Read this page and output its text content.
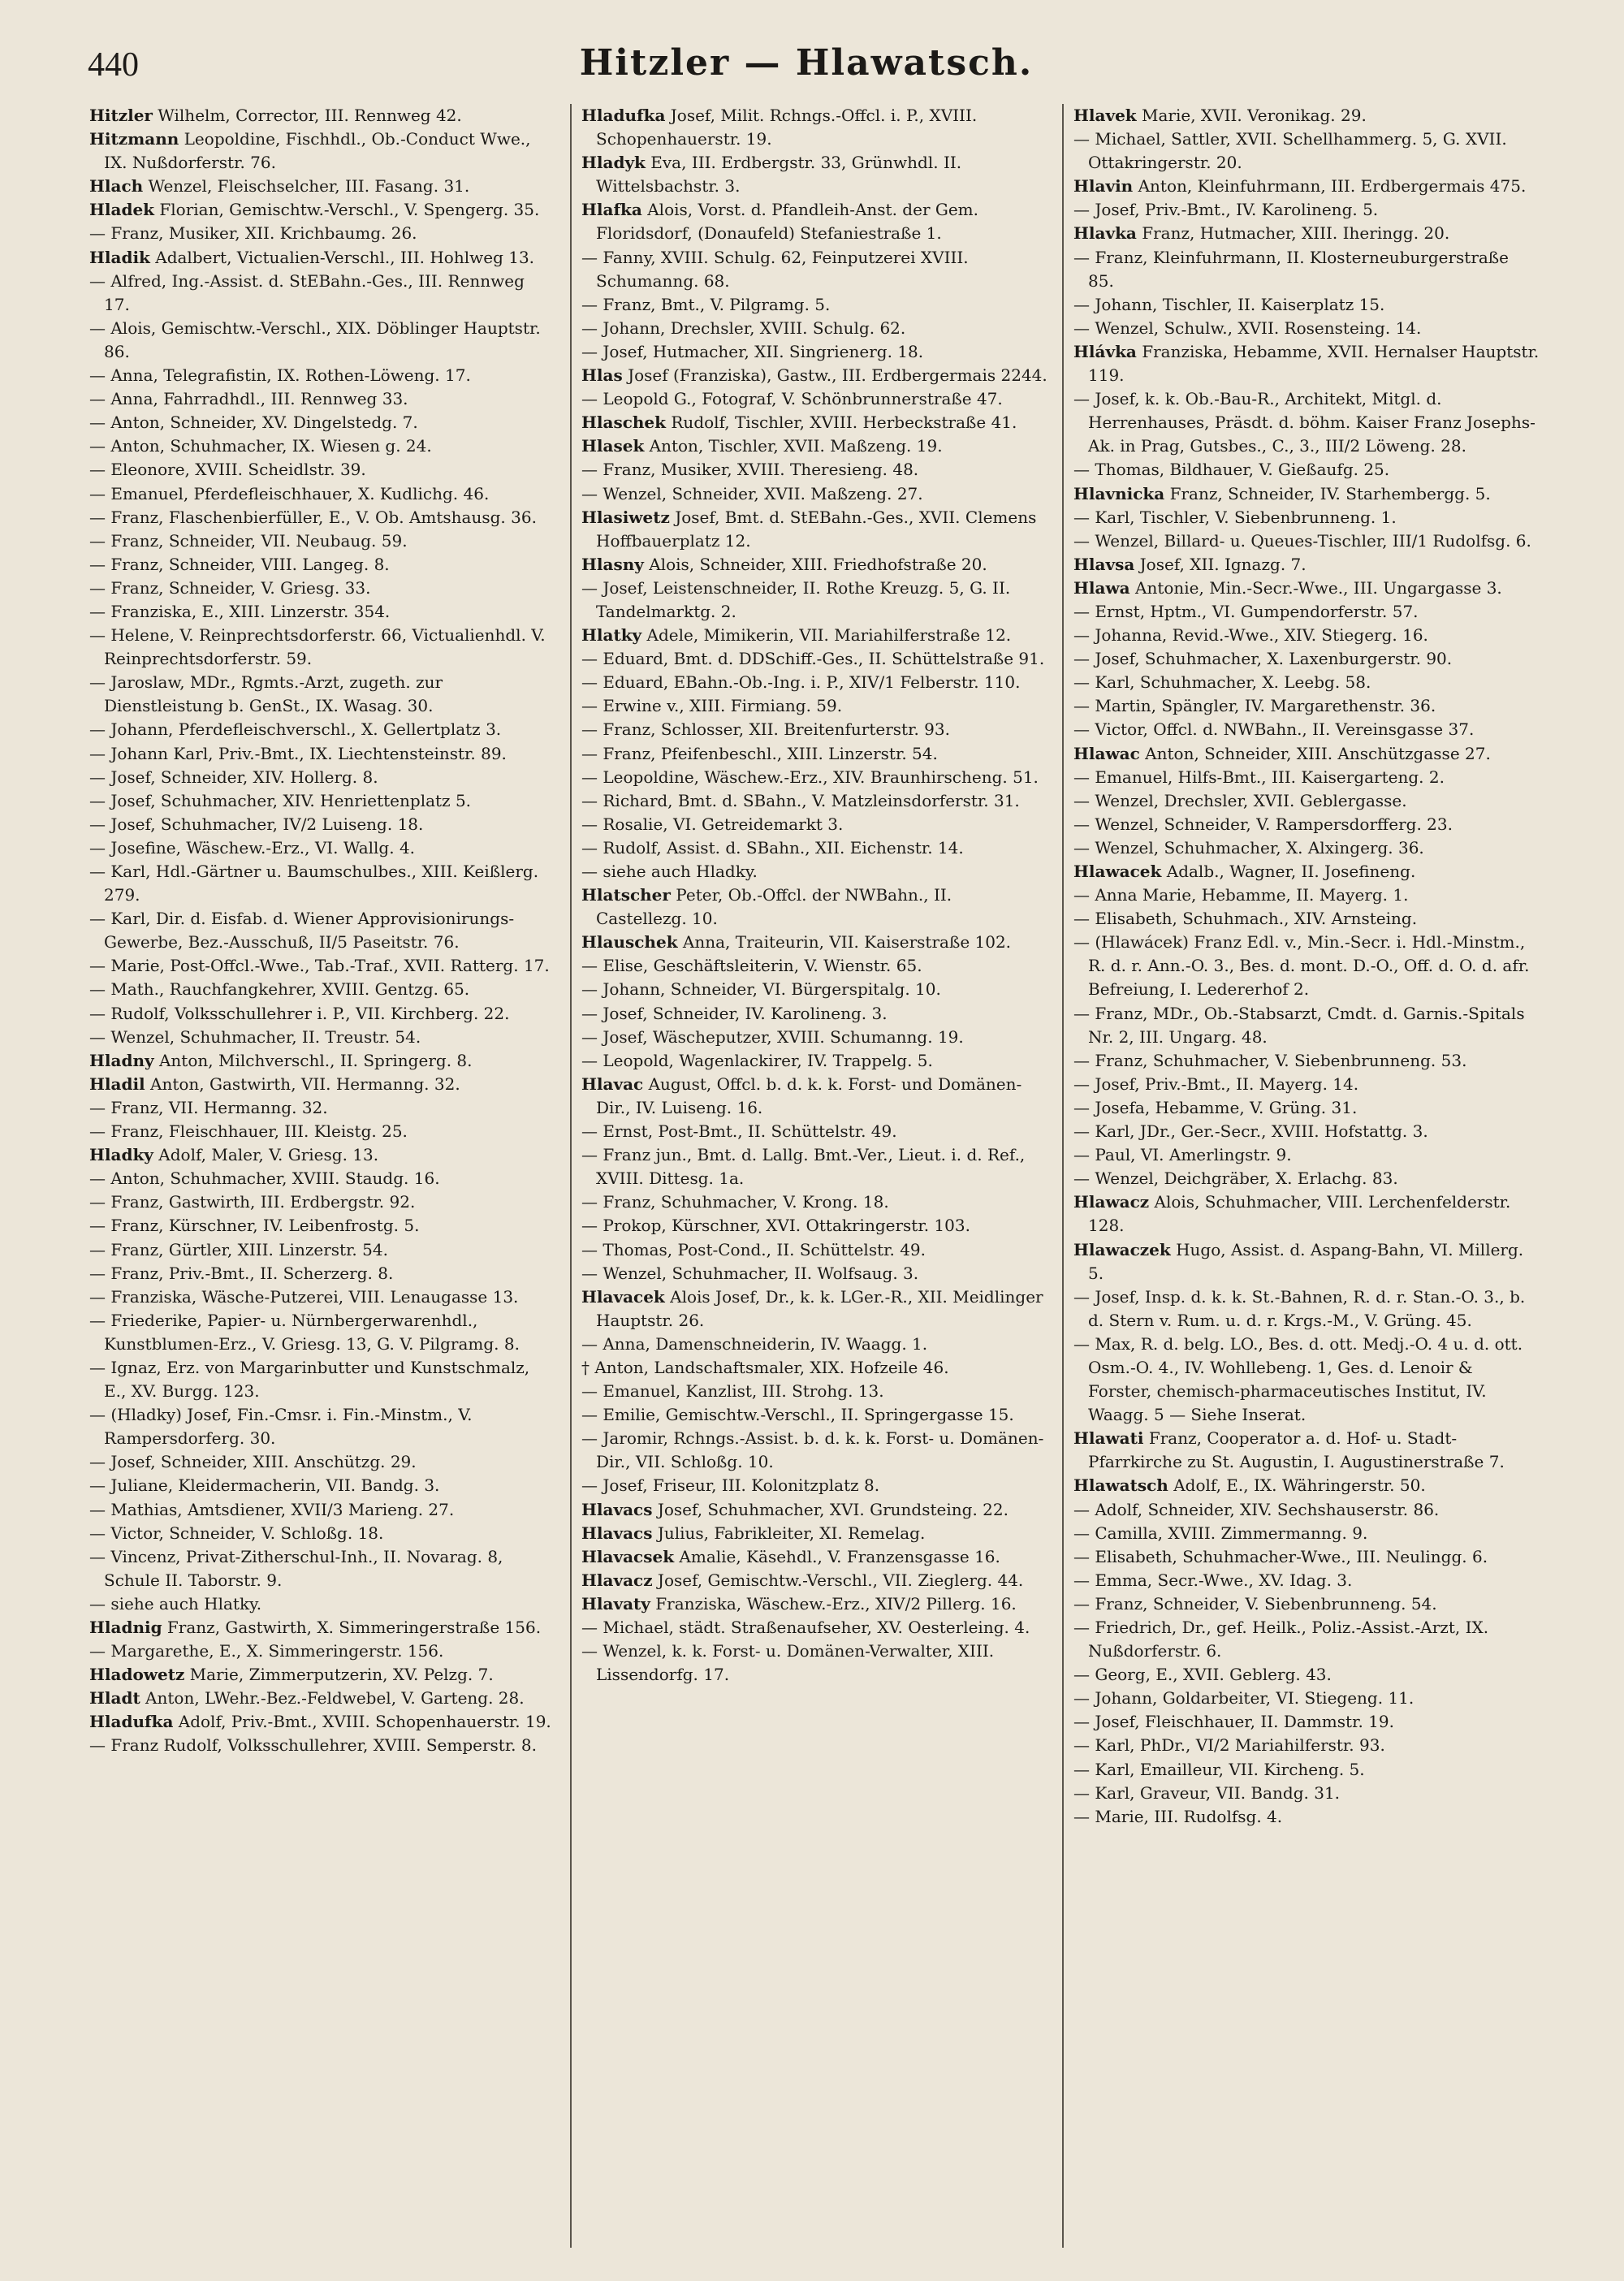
440	Hitzler — Hlawatsch.
Hitzler Wilhelm, Corrector, III. Rennweg 42.
Hitzmann Leopoldine, Fischhdl., Ob.-Conduct Wwe., IX. Nußdorferstr. 76.
Hlach Wenzel, Fleischselcher, III. Fasang. 31.
Hladek Florian, Gemischtw.-Verschl., V. Spengerg. 35.
— Franz, Musiker, XII. Krichbaumg. 26.
Hladik Adalbert, Victualien-Verschl., III. Hohlweg 13.
— Alfred, Ing.-Assist. d. StEBahn.-Ges., III. Rennweg 17.
— Alois, Gemischtw.-Verschl., XIX. Döblinger Hauptstr. 86.
— Anna, Telegrafistin, IX. Rothen-Löweng. 17.
— Anna, Fahrradhdl., III. Rennweg 33.
— Anton, Schneider, XV. Dingelstedg. 7.
— Anton, Schuhmacher, IX. Wiesen g. 24.
— Eleonore, XVIII. Scheidlstr. 39.
— Emanuel, Pferdefleischhauer, X. Kudlichg. 46.
— Franz, Flaschenbierfüller, E., V. Ob. Amtshausg. 36.
— Franz, Schneider, VII. Neubaug. 59.
— Franz, Schneider, VIII. Langeg. 8.
— Franz, Schneider, V. Griesg. 33.
— Franziska, E., XIII. Linzerstr. 354.
— Helene, V. Reinprechtsdorferstr. 66, Victualienhdl. V. Reinprechtsdorferstr. 59.
— Jaroslaw, MDr., Rgmts.-Arzt, zugeth. zur Dienstleistung b. GenSt., IX. Wasag. 30.
— Johann, Pferdefleischverschl., X. Gellertplatz 3.
— Johann Karl, Priv.-Bmt., IX. Liechtensteinstr. 89.
— Josef, Schneider, XIV. Hollerg. 8.
— Josef, Schuhmacher, XIV. Henriettenplatz 5.
— Josef, Schuhmacher, IV/2 Luiseng. 18.
— Josefine, Wäschew.-Erz., VI. Wallg. 4.
— Karl, Hdl.-Gärtner u. Baumschulbes., XIII. Keißlerg. 279.
— Karl, Dir. d. Eisfab. d. Wiener Approvisionirungs-Gewerbe, Bez.-Ausschuß, II/5 Paseitstr. 76.
— Marie, Post-Offcl.-Wwe., Tab.-Traf., XVII. Ratterg. 17.
— Math., Rauchfangkehrer, XVIII. Gentzg. 65.
— Rudolf, Volksschullehrer i. P., VII. Kirchberg. 22.
— Wenzel, Schuhmacher, II. Treustr. 54.
Hladny Anton, Milchverschl., II. Springerg. 8.
Hladil Anton, Gastwirth, VII. Hermanng. 32.
— Franz, VII. Hermanng. 32.
— Franz, Fleischhauer, III. Kleistg. 25.
Hladky Adolf, Maler, V. Griesg. 13.
— Anton, Schuhmacher, XVIII. Staudg. 16.
— Franz, Gastwirth, III. Erdbergstr. 92.
— Franz, Kürschner, IV. Leibenfrostg. 5.
— Franz, Gürtler, XIII. Linzerstr. 54.
— Franz, Priv.-Bmt., II. Scherzerg. 8.
— Franziska, Wäsche-Putzerei, VIII. Lenaugasse 13.
— Friederike, Papier- u. Nürnbergerwarenhdl., Kunstblumen-Erz., V. Griesg. 13, G. V. Pilgramg. 8.
— Ignaz, Erz. von Margarinbutter und Kunstschmalz, E., XV. Burgg. 123.
— (Hladky) Josef, Fin.-Cmsr. i. Fin.-Minstm., V. Rampersdorferg. 30.
— Josef, Schneider, XIII. Anschützg. 29.
— Juliane, Kleidermacherin, VII. Bandg. 3.
— Mathias, Amtsdiener, XVII/3 Marieng. 27.
— Victor, Schneider, V. Schloßg. 18.
— Vincenz, Privat-Zitherschul-Inh., II. Novarag. 8, Schule II. Taborstr. 9.
— siehe auch Hlatky.
Hladnig Franz, Gastwirth, X. Simmeringerstraße 156.
— Margarethe, E., X. Simmeringerstr. 156.
Hladowetz Marie, Zimmerputzerin, XV. Pelzg. 7.
Hladt Anton, LWehr.-Bez.-Feldwebel, V. Garteng. 28.
Hladufka Adolf, Priv.-Bmt., XVIII. Schopenhauerstr. 19.
— Franz Rudolf, Volksschullehrer, XVIII. Semperstr. 8.
Hladufka Josef, Milit. Rchngs.-Offcl. i. P., XVIII. Schopenhauerstr. 19.
Hladyk Eva, III. Erdbergstr. 33, Grünwhdl. II. Wittelsbachstr. 3.
Hlafka Alois, Vorst. d. Pfandleih-Anst. der Gem. Floridsdorf, (Donaufeld) Stefaniestraße 1.
— Fanny, XVIII. Schulg. 62, Feinputzerei XVIII. Schumanng. 68.
— Franz, Bmt., V. Pilgramg. 5.
— Johann, Drechsler, XVIII. Schulg. 62.
— Josef, Hutmacher, XII. Singrienerg. 18.
Hlas Josef (Franziska), Gastw., III. Erdbergermais 2244.
— Leopold G., Fotograf, V. Schönbrunnerstraße 47.
Hlaschek Rudolf, Tischler, XVIII. Herbeckstraße 41.
Hlasek Anton, Tischler, XVII. Maßzeng. 19.
— Franz, Musiker, XVIII. Theresieng. 48.
— Wenzel, Schneider, XVII. Maßzeng. 27.
Hlasiwetz Josef, Bmt. d. StEBahn.-Ges., XVII. Clemens Hoffbauerplatz 12.
Hlasny Alois, Schneider, XIII. Friedhofstraße 20.
— Josef, Leistenschneider, II. Rothe Kreuzg. 5, G. II. Tandelmarktg. 2.
Hlatky Adele, Mimikerin, VII. Mariahilferstraße 12.
— Eduard, Bmt. d. DDSchiff.-Ges., II. Schüttelstraße 91.
— Eduard, EBahn.-Ob.-Ing. i. P., XIV/1 Felberstr. 110.
— Erwine v., XIII. Firmiang. 59.
— Franz, Schlosser, XII. Breitenfurterstr. 93.
— Franz, Pfeifenbeschl., XIII. Linzerstr. 54.
— Leopoldine, Wäschew.-Erz., XIV. Braunhirscheng. 51.
— Richard, Bmt. d. SBahn., V. Matzleinsdorferstr. 31.
— Rosalie, VI. Getreidemarkt 3.
— Rudolf, Assist. d. SBahn., XII. Eichenstr. 14.
— siehe auch Hladky.
Hlatscher Peter, Ob.-Offcl. der NWBahn., II. Castellezg. 10.
Hlauschek Anna, Traiteurin, VII. Kaiserstraße 102.
— Elise, Geschäftsleiterin, V. Wienstr. 65.
— Johann, Schneider, VI. Bürgerspitalg. 10.
— Josef, Schneider, IV. Karolineng. 3.
— Josef, Wäscheputzer, XVIII. Schumanng. 19.
— Leopold, Wagenlackirer, IV. Trappelg. 5.
Hlavac August, Offcl. b. d. k. k. Forst- und Domänen-Dir., IV. Luiseng. 16.
— Ernst, Post-Bmt., II. Schüttelstr. 49.
— Franz jun., Bmt. d. Lallg. Bmt.-Ver., Lieut. i. d. Ref., XVIII. Dittesg. 1a.
— Franz, Schuhmacher, V. Krong. 18.
— Prokop, Kürschner, XVI. Ottakringerstr. 103.
— Thomas, Post-Cond., II. Schüttelstr. 49.
— Wenzel, Schuhmacher, II. Wolfsaug. 3.
Hlavacek Alois Josef, Dr., k. k. LGer.-R., XII. Meidlinger Hauptstr. 26.
— Anna, Damenschneiderin, IV. Waagg. 1.
† Anton, Landschaftsmaler, XIX. Hofzeile 46.
— Emanuel, Kanzlist, III. Strohg. 13.
— Emilie, Gemischtw.-Verschl., II. Springergasse 15.
— Jaromir, Rchngs.-Assist. b. d. k. k. Forst- u. Domänen-Dir., VII. Schloßg. 10.
— Josef, Friseur, III. Kolonitzplatz 8.
Hlavacs Josef, Schuhmacher, XVI. Grundsteing. 22.
Hlavacs Julius, Fabrikleiter, XI. Remelag.
Hlavacsek Amalie, Käsehdl., V. Franzensgasse 16.
Hlavacz Josef, Gemischtw.-Verschl., VII. Zieglerg. 44.
Hlavaty Franziska, Wäschew.-Erz., XIV/2 Pillerg. 16.
— Michael, städt. Straßenaufseher, XV. Oesterleing. 4.
— Wenzel, k. k. Forst- u. Domänen-Verwalter, XIII. Lissendorfg. 17.
Hlavek Marie, XVII. Veronikag. 29.
— Michael, Sattler, XVII. Schellhammerg. 5, G. XVII. Ottakringerstr. 20.
Hlavin Anton, Kleinfuhrmann, III. Erdbergermais 475.
— Josef, Priv.-Bmt., IV. Karolineng. 5.
Hlavka Franz, Hutmacher, XIII. Iheringg. 20.
— Franz, Kleinfuhrmann, II. Klosterneuburgerstraße 85.
— Johann, Tischler, II. Kaiserplatz 15.
— Wenzel, Schulw., XVII. Rosensteing. 14.
Hlávka Franziska, Hebamme, XVII. Hernalser Hauptstr. 119.
— Josef, k. k. Ob.-Bau-R., Architekt, Mitgl. d. Herrenhauses, Präsdt. d. böhm. Kaiser Franz Josephs-Ak. in Prag, Gutsbes., C., 3., III/2 Löweng. 28.
— Thomas, Bildhauer, V. Gießaufg. 25.
Hlavnicka Franz, Schneider, IV. Starhembergg. 5.
— Karl, Tischler, V. Siebenbrunneng. 1.
— Wenzel, Billard- u. Queues-Tischler, III/1 Rudolfsg. 6.
Hlavsa Josef, XII. Ignazg. 7.
Hlawa Antonie, Min.-Secr.-Wwe., III. Ungargasse 3.
— Ernst, Hptm., VI. Gumpendorferstr. 57.
— Johanna, Revid.-Wwe., XIV. Stiegerg. 16.
— Josef, Schuhmacher, X. Laxenburgerstr. 90.
— Karl, Schuhmacher, X. Leebg. 58.
— Martin, Spängler, IV. Margarethenstr. 36.
— Victor, Offcl. d. NWBahn., II. Vereinsgasse 37.
Hlawac Anton, Schneider, XIII. Anschützgasse 27.
— Emanuel, Hilfs-Bmt., III. Kaisergarteng. 2.
— Wenzel, Drechsler, XVII. Geblergasse.
— Wenzel, Schneider, V. Rampersdorfferg. 23.
— Wenzel, Schuhmacher, X. Alxingerg. 36.
Hlawacek Adalb., Wagner, II. Josefineng.
— Anna Marie, Hebamme, II. Mayerg. 1.
— Elisabeth, Schuhmach., XIV. Arnsteing.
— (Hlawácek) Franz Edl. v., Min.-Secr. i. Hdl.-Minstm., R. d. r. Ann.-O. 3., Bes. d. mont. D.-O., Off. d. O. d. afr. Befreiung, I. Ledererhof 2.
— Franz, MDr., Ob.-Stabsarzt, Cmdt. d. Garnis.-Spitals Nr. 2, III. Ungarg. 48.
— Franz, Schuhmacher, V. Siebenbrunneng. 53.
— Josef, Priv.-Bmt., II. Mayerg. 14.
— Josefa, Hebamme, V. Grüng. 31.
— Karl, JDr., Ger.-Secr., XVIII. Hofstattg. 3.
— Paul, VI. Amerlingstr. 9.
— Wenzel, Deichgräber, X. Erlachg. 83.
Hlawacz Alois, Schuhmacher, VIII. Lerchenfelderstr. 128.
Hlawaczek Hugo, Assist. d. Aspang-Bahn, VI. Millerg. 5.
— Josef, Insp. d. k. k. St.-Bahnen, R. d. r. Stan.-O. 3., b. d. Stern v. Rum. u. d. r. Krgs.-M., V. Grüng. 45.
— Max, R. d. belg. LO., Bes. d. ott. Medj.-O. 4 u. d. ott. Osm.-O. 4., IV. Wohllebeng. 1, Ges. d. Lenoir & Forster, chemisch-pharmaceutisches Institut, IV. Waagg. 5 — Siehe Inserat.
Hlawati Franz, Cooperator a. d. Hof- u. Stadt-Pfarrkirche zu St. Augustin, I. Augustinerstraße 7.
Hlawatsch Adolf, E., IX. Währingerstr. 50.
— Adolf, Schneider, XIV. Sechshauserstr. 86.
— Camilla, XVIII. Zimmermanng. 9.
— Elisabeth, Schuhmacher-Wwe., III. Neulingg. 6.
— Emma, Secr.-Wwe., XV. Idag. 3.
— Franz, Schneider, V. Siebenbrunneng. 54.
— Friedrich, Dr., gef. Heilk., Poliz.-Assist.-Arzt, IX. Nußdorferstr. 6.
— Georg, E., XVII. Geblerg. 43.
— Johann, Goldarbeiter, VI. Stiegeng. 11.
— Josef, Fleischhauer, II. Dammstr. 19.
— Karl, PhDr., VI/2 Mariahilferstr. 93.
— Karl, Emailleur, VII. Kircheng. 5.
— Karl, Graveur, VII. Bandg. 31.
— Marie, III. Rudolfsg. 4.
